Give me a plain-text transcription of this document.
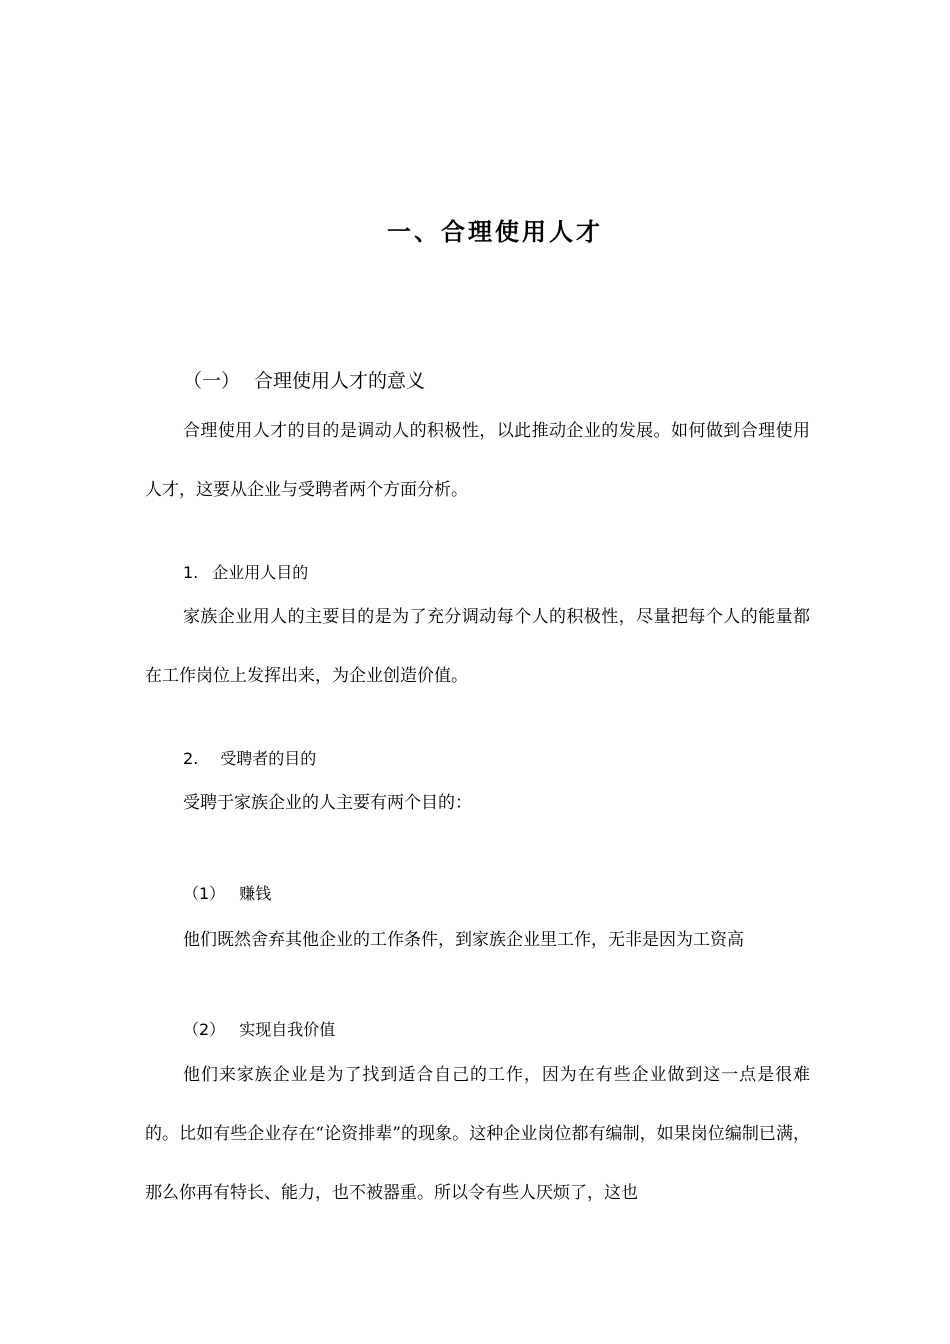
一、合理使用人才
（一） 合理使用人才的意义

合理使用人才的目的是调动人的积极性，以此推动企业的发展。如何做到合理使用人才，这要从企业与受聘者两个方面分析。

1. 企业用人目的

家族企业用人的主要目的是为了充分调动每个人的积极性，尽量把每个人的能量都在工作岗位上发挥出来，为企业创造价值。

2. 受聘者的目的

受聘于家族企业的人主要有两个目的：

（1） 赚钱

他们既然舍弃其他企业的工作条件，到家族企业里工作，无非是因为工资高

（2） 实现自我价值

他们来家族企业是为了找到适合自己的工作，因为在有些企业做到这一点是很难的。比如有些企业存在“论资排辈”的现象。这种企业岗位都有编制，如果岗位编制已满，那么你再有特长、能力，也不被器重。所以令有些人厌烦了，这也
